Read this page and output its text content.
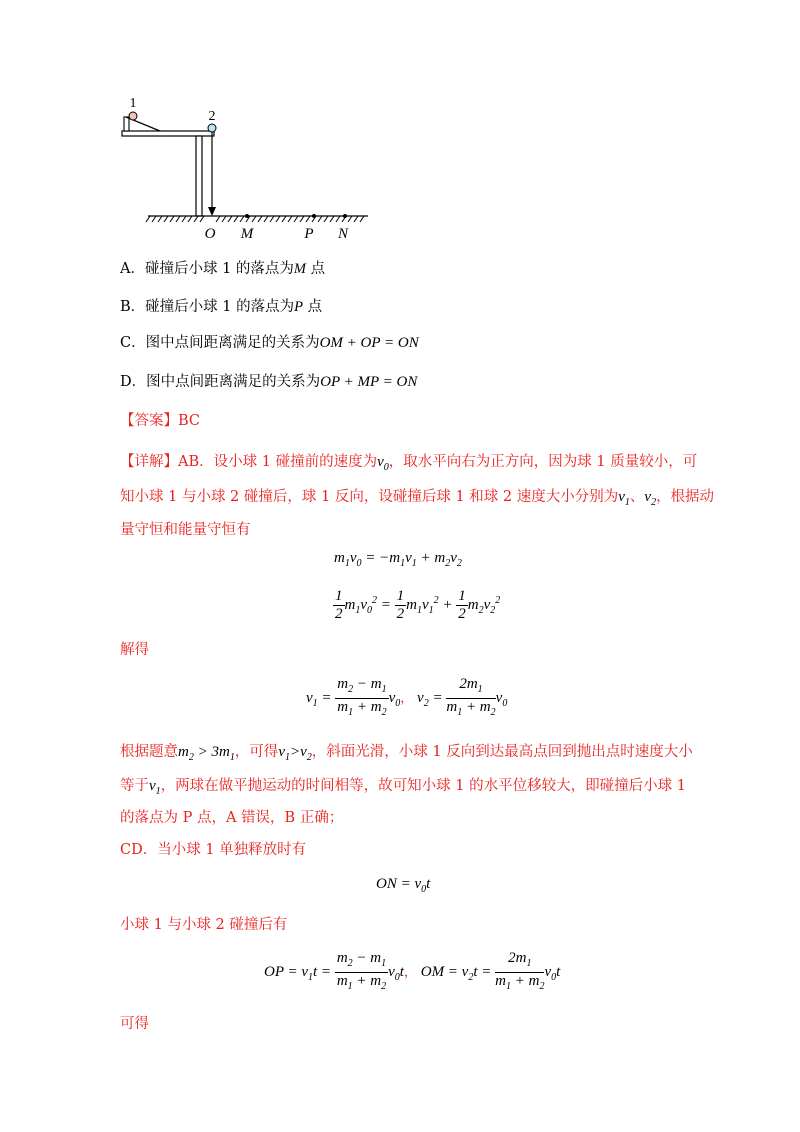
1
2
O M	P N
A．碰撞后小球 1 的落点为M 点
B．碰撞后小球 1 的落点为P 点
C．图中点间距离满足的关系为OM + OP = ON
D．图中点间距离满足的关系为OP + MP = ON
【答案】BC
【详解】AB．设小球 1 碰撞前的速度为$v_0$，取水平向右为正方向，因为球 1 质量较小，可
知小球 1 与小球 2 碰撞后，球 1 反向，设碰撞后球 1 和球 2 速度大小分别为$v_1$、$v_2$，根据动
量守恒和能量守恒有
$m_1v_0 = -m_1v_1 + m_2v_2$
$\frac{1}{2} m_1v_0^2 = \frac{1}{2} m_1v_1^2 + \frac{1}{2} m_2v_2^2$
解得
$v_1 = \frac{m_2 - m_1}{m_1 + m_2} v_0$， $v_2 = \frac{2m_1}{m_1 + m_2} v_0$
根据题意$m_2 > 3m_1$，可得$v_1>v_2$，斜面光滑，小球 1 反向到达最高点回到抛出点时速度大小
等于$v_1$，两球在做平抛运动的时间相等，故可知小球 1 的水平位移较大，即碰撞后小球 1
的落点为 P 点，A 错误，B 正确；
CD．当小球 1 单独释放时有
ON = $v_0t$
小球 1 与小球 2 碰撞后有
OP = $v_1t = \frac{m_2 - m_1}{m_1 + m_2} v_0t$， OM = $v_2t = \frac{2m_1}{m_1 + m_2} v_0t$
可得
